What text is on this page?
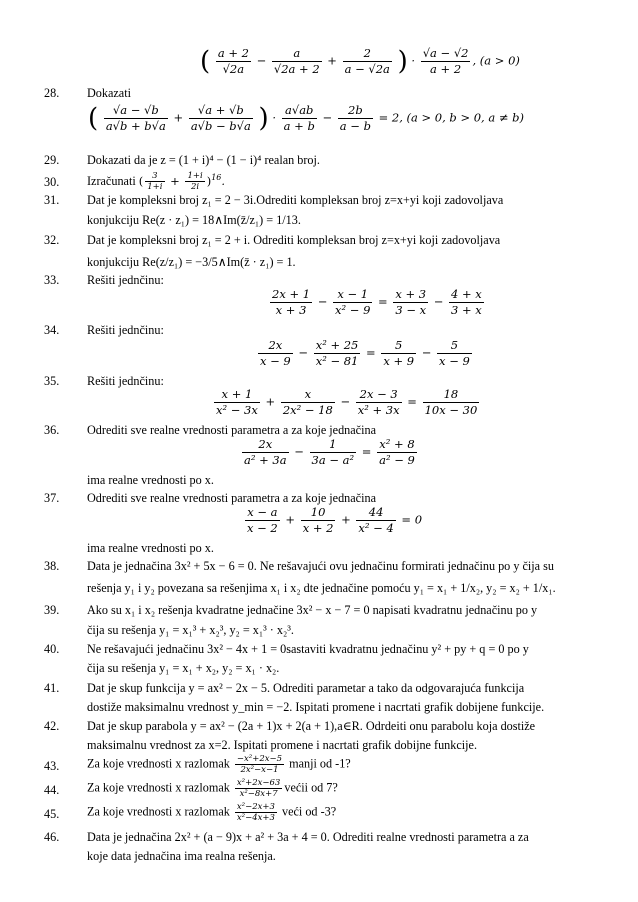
( $\frac{a + 2}{√2a} - \frac{a}{√2a + 2} + \frac{2}{a - √2a}$ ) · $\frac{√a - √2}{a + 2}$ , (a > 0)
28. Dokazati
( $\frac{√a - √b}{a√b + b√a} + \frac{√a + √b}{a√b - b√a}$ ) · $\frac{a√ab}{a + b} - \frac{2b}{a - b} = 2$, (a > 0, b > 0, a ≠ b)
29. Dokazati da je z = (1 + i)⁴ − (1 − i)⁴ realan broj.
30. Izračunati ( $\frac{3}{1+i} + \frac{1+i}{2i} )^{16}$.
31. Dat je kompleksni broj z₁ = 2 − 3i.Odrediti kompleksan broj z=x+yi koji zadovoljava
konjukciju Re(z · z₁) = 18∧Im(z̄/z₁) = 1/13.
32. Dat je kompleksni broj z₁ = 2 + i. Odrediti kompleksan broj z=x+yi koji zadovoljava
konjukciju Re(z/z₁) = −3/5∧Im(z̄ · z₁) = 1.
33. Rešiti jednčinu:
$\frac{2x + 1}{x + 3} - \frac{x - 1}{\text{x² − 9}} = \frac{x + 3}{3 - x} - \frac{4 + x}{3 + x}$
34. Rešiti jednčinu:
$\frac{2x}{x - 9} - \frac{\text{x² + 25}}{\text{x² − 81}} = \frac{5}{x + 9} - \frac{5}{x - 9}$
35. Rešiti jednčinu:
$\frac{x + 1}{\text{x² − 3x}} + \frac{x}{\text{2x² − 18}} - \frac{2x - 3}{\text{x² + 3x}} = \frac{18}{10x - 30}$
36. Odrediti sve realne vrednosti parametra a za koje jednačina
$\frac{2x}{\text{a² + 3a}} - \frac{1}{\text{3a − a²}} = \frac{\text{x² + 8}}{\text{a² − 9}}$
ima realne vrednosti po x.
37. Odrediti sve realne vrednosti parametra a za koje jednačina
$\frac{x - a}{x - 2} + \frac{10}{x + 2} + \frac{44}{\text{x² − 4}} = 0$
ima realne vrednosti po x.
38. Data je jednačina 3x² + 5x − 6 = 0. Ne rešavajući ovu jednačinu formirati jednačinu po y čija su
rešenja y₁ i y₂ povezana sa rešenjima x₁ i x₂ dte jednačine pomoću y₁ = x₁ + 1/x₂, y₂ = x₂ + 1/x₁.
39. Ako su x₁ i x₂ rešenja kvadratne jednačine 3x² − x − 7 = 0 napisati kvadratnu jednačinu po y
čija su rešenja y₁ = x₁³ + x₂³, y₂ = x₁³ · x₂³.
40. Ne rešavajući jednačinu 3x² − 4x + 1 = 0sastaviti kvadratnu jednačinu y² + py + q = 0 po y
čija su rešenja y₁ = x₁ + x₂, y₂ = x₁ · x₂.
41. Dat je skup funkcija y = ax² − 2x − 5. Odrediti parametar a tako da odgovarajuća funkcija
dostiže maksimalnu vrednost y_min = −2. Ispitati promene i nacrtati grafik dobijene funkcije.
42. Dat je skup parabola y = ax² − (2a + 1)x + 2(a + 1),a∈R. Odrdeiti onu parabolu koja dostiže
maksimalnu vrednost za x=2. Ispitati promene i nacrtati grafik dobijne funkcije.
43. Za koje vrednosti x razlomak $\frac{\text{−x²+2x−5}}{\text{2x²−x−1}}$ manji od -1?
44. Za koje vrednosti x razlomak $\frac{\text{x²+2x−63}}{\text{x²−8x+7}}$ većii od 7?
45. Za koje vrednosti x razlomak $\frac{\text{x²−2x+3}}{\text{x²−4x+3}}$ veći od -3?
46. Data je jednačina 2x² + (a − 9)x + a² + 3a + 4 = 0. Odrediti realne vrednosti parametra a za
koje data jednačina ima realna rešenja.
